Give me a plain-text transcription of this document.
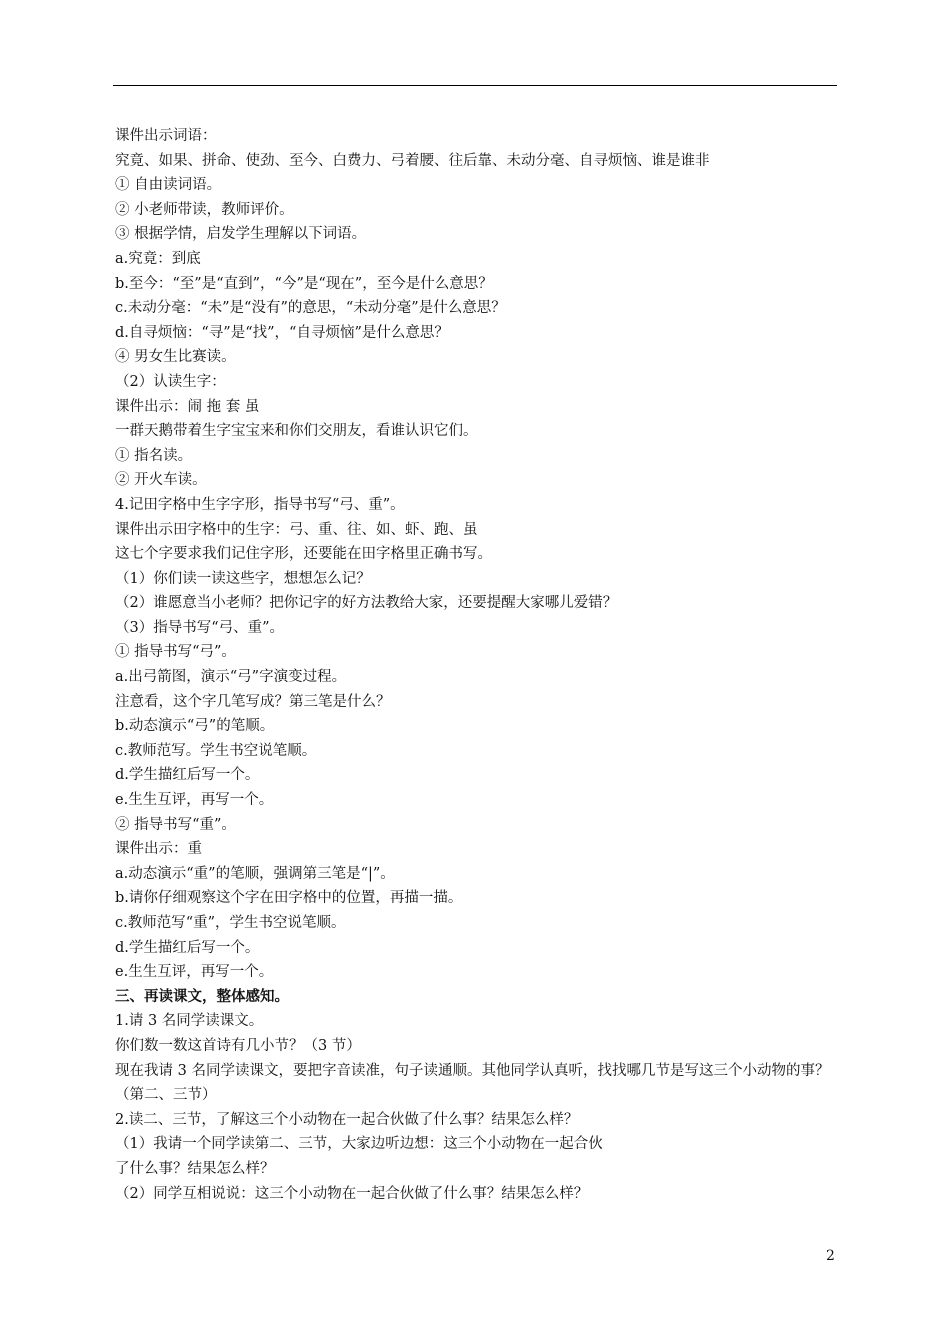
课件出示词语：
究竟、如果、拼命、使劲、至今、白费力、弓着腰、往后靠、未动分毫、自寻烦恼、谁是谁非
① 自由读词语。
② 小老师带读，教师评价。
③ 根据学情，启发学生理解以下词语。
a.究竟：到底
b.至今：“至”是“直到”，“今”是“现在”，至今是什么意思？
c.未动分毫：“未”是“没有”的意思，“未动分毫”是什么意思？
d.自寻烦恼：“寻”是“找”，“自寻烦恼”是什么意思？
④ 男女生比赛读。
（2）认读生字：
课件出示：闹 拖 套 虽
一群天鹅带着生字宝宝来和你们交朋友，看谁认识它们。
① 指名读。
② 开火车读。
4.记田字格中生字字形，指导书写“弓、重”。
课件出示田字格中的生字：弓、重、往、如、虾、跑、虽
这七个字要求我们记住字形，还要能在田字格里正确书写。
（1）你们读一读这些字，想想怎么记？
（2）谁愿意当小老师？把你记字的好方法教给大家，还要提醒大家哪儿爱错？
（3）指导书写“弓、重”。
① 指导书写“弓”。
a.出弓箭图，演示“弓”字演变过程。
注意看，这个字几笔写成？第三笔是什么？
b.动态演示“弓”的笔顺。
c.教师范写。学生书空说笔顺。
d.学生描红后写一个。
e.生生互评，再写一个。
② 指导书写“重”。
课件出示：重
a.动态演示“重”的笔顺，强调第三笔是“|”。
b.请你仔细观察这个字在田字格中的位置，再描一描。
c.教师范写“重”，学生书空说笔顺。
d.学生描红后写一个。
e.生生互评，再写一个。
三、再读课文，整体感知。
1.请 3 名同学读课文。
你们数一数这首诗有几小节？（3 节）
现在我请 3 名同学读课文，要把字音读准，句子读通顺。其他同学认真听，找找哪几节是写这三个小动物的事？（第二、三节）
2.读二、三节，了解这三个小动物在一起合伙做了什么事？结果怎么样？
（1）我请一个同学读第二、三节，大家边听边想：这三个小动物在一起合伙
了什么事？结果怎么样？
（2）同学互相说说：这三个小动物在一起合伙做了什么事？结果怎么样？
2
